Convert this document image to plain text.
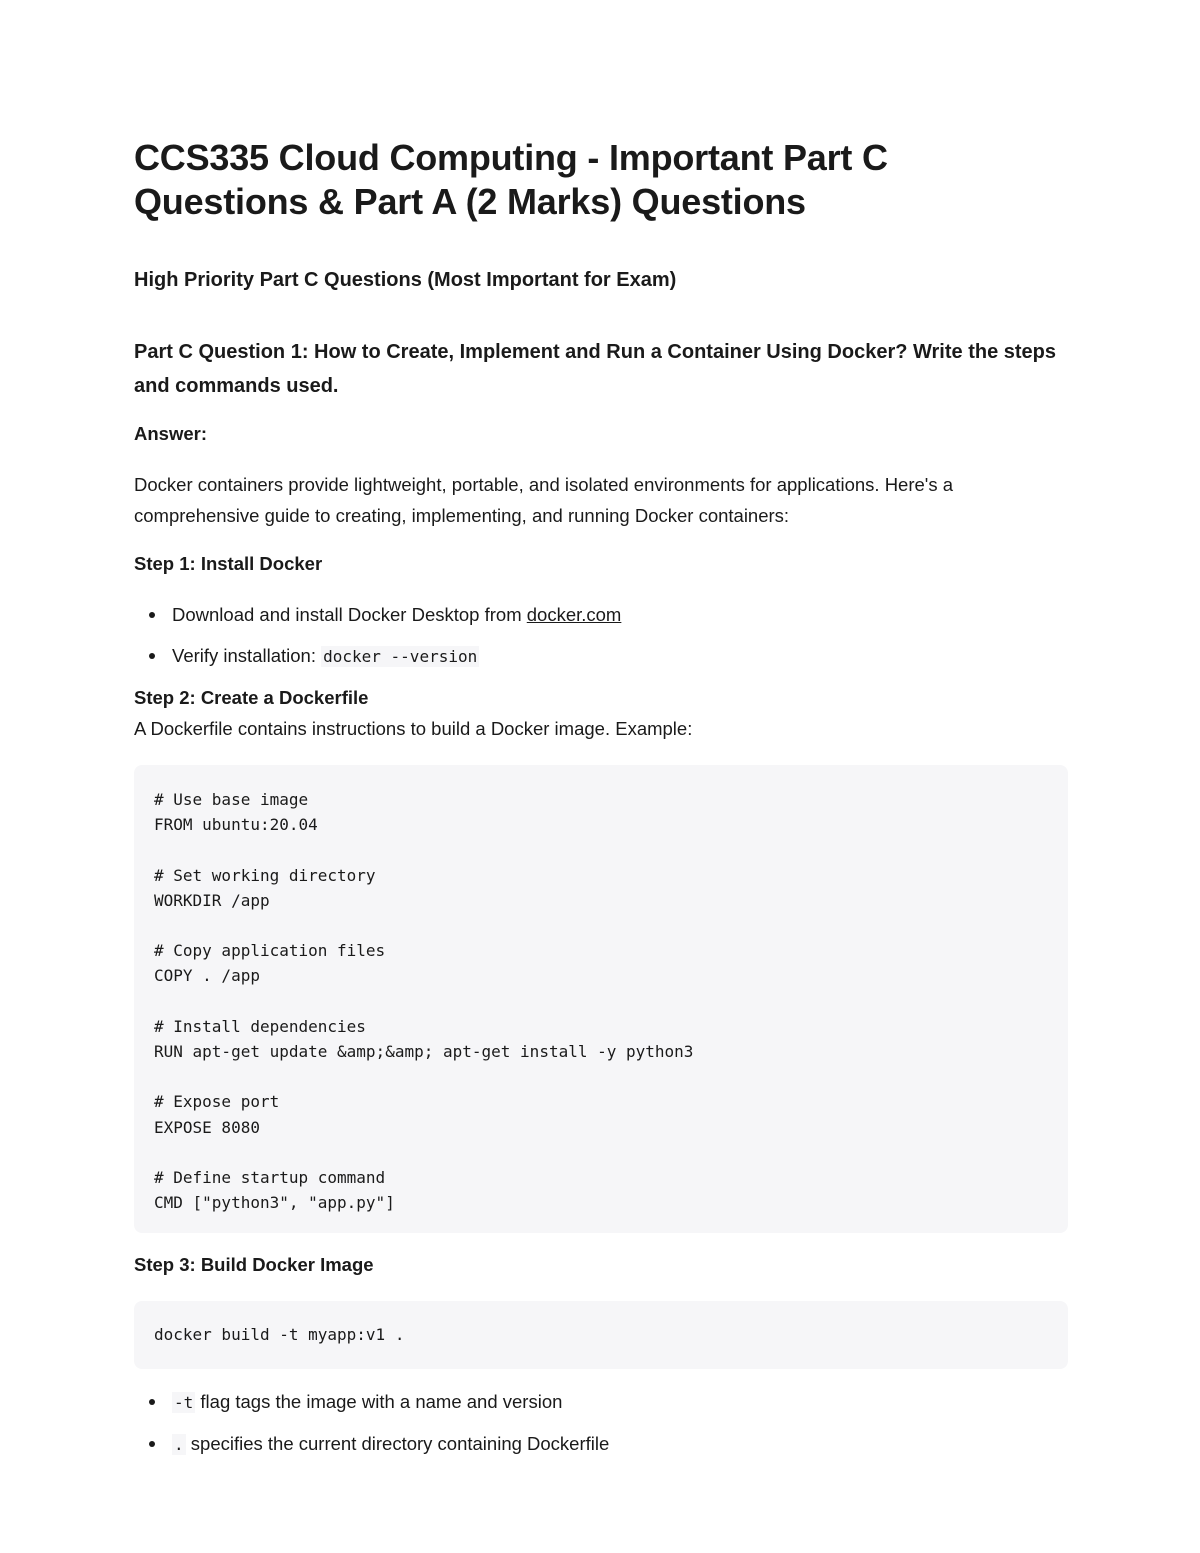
CCS335 Cloud Computing - Important Part C Questions & Part A (2 Marks) Questions
High Priority Part C Questions (Most Important for Exam)
Part C Question 1: How to Create, Implement and Run a Container Using Docker? Write the steps and commands used.

Answer:

Docker containers provide lightweight, portable, and isolated environments for applications. Here's a comprehensive guide to creating, implementing, and running Docker containers:

Step 1: Install Docker

Download and install Docker Desktop from docker.com
Verify installation: docker --version

Step 2: Create a Dockerfile

A Dockerfile contains instructions to build a Docker image. Example:

# Use base image
FROM ubuntu:20.04
# Set working directory
WORKDIR /app
# Copy application files
COPY . /app
# Install dependencies
RUN apt-get update &amp;&amp; apt-get install -y python3
# Expose port
EXPOSE 8080
# Define startup command
CMD ["python3", "app.py"]

Step 3: Build Docker Image

docker build -t myapp:v1 .
-t flag tags the image with a name and version
. specifies the current directory containing Dockerfile
